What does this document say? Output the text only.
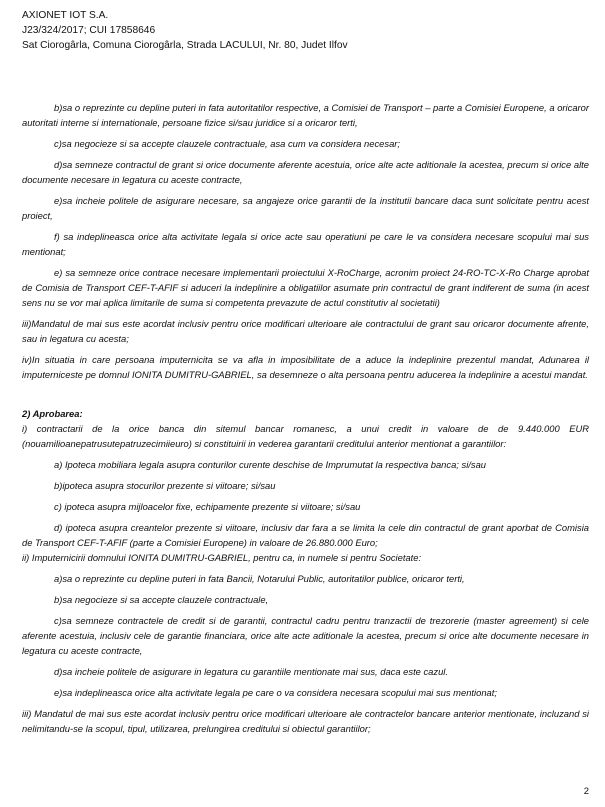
AXIONET IOT S.A.
J23/324/2017; CUI 17858646
Sat Ciorogârla, Comuna Ciorogârla, Strada LACULUI, Nr. 80, Judet Ilfov

b)sa o reprezinte cu depline puteri in fata autoritatilor respective, a Comisiei de Transport – parte a Comisiei Europene, a oricaror autoritati interne si internationale, persoane fizice si/sau juridice si a oricaror terti,

c)sa negocieze si sa accepte clauzele contractuale, asa cum va considera necesar;

d)sa semneze contractul de grant si orice documente aferente acestuia, orice alte acte aditionale la acestea, precum si orice alte documente necesare in legatura cu aceste contracte,

e)sa incheie politele de asigurare necesare, sa angajeze orice garantii de la institutii bancare daca sunt solicitate pentru acest proiect,

f) sa indeplineasca orice alta activitate legala si orice acte sau operatiuni pe care le va considera necesare scopului mai sus mentionat;

e) sa semneze orice contrace necesare implementarii proiectului X-RoCharge, acronim proiect 24-RO-TC-X-Ro Charge aprobat de Comisia de Transport CEF-T-AFIF si aduceri la indeplinire a obligatiilor asumate prin contractul de grant indiferent de suma (in acest sens nu se vor mai aplica limitarile de suma si competenta prevazute de actul constitutiv al societatii)

iii)Mandatul de mai sus este acordat inclusiv pentru orice modificari ulterioare ale contractului de grant sau oricaror documente afrente, sau in legatura cu acesta;

iv)In situatia in care persoana imputernicita se va afla in imposibilitate de a aduce la indeplinire prezentul mandat, Adunarea il imputerniceste pe domnul IONITA DUMITRU-GABRIEL, sa desemneze o alta persoana pentru aducerea la indeplinire a acestui mandat.

2) Aprobarea:

i) contractarii de la orice banca din sitemul bancar romanesc, a unui credit in valoare de de 9.440.000 EUR (nouamilioanepatrusutepatruzecimiieuro) si constituirii in vederea garantarii creditului anterior mentionat a garantiilor:

a) Ipoteca mobiliara legala asupra conturilor curente deschise de Imprumutat la respectiva banca; si/sau

b)ipoteca asupra stocurilor prezente si viitoare; si/sau

c) ipoteca asupra mijloacelor fixe, echipamente prezente si viitoare; si/sau

d) ipoteca asupra creantelor prezente si viitoare, inclusiv dar fara a se limita la cele din contractul de grant aporbat de Comisia de Transport CEF-T-AFIF (parte a Comisiei Europene) in valoare de 26.880.000 Euro;

ii) Imputernicirii domnului IONITA DUMITRU-GABRIEL, pentru ca, in numele si pentru Societate:

a)sa o reprezinte cu depline puteri in fata Bancii, Notarului Public, autoritatilor publice, oricaror terti,

b)sa negocieze si sa accepte clauzele contractuale,

c)sa semneze contractele de credit si de garantii, contractul cadru pentru tranzactii de trezorerie (master agreement) si cele aferente acestuia, inclusiv cele de garantie financiara, orice alte acte aditionale la acestea, precum si orice alte documente necesare in legatura cu aceste contracte,

d)sa incheie politele de asigurare in legatura cu garantiile mentionate mai sus, daca este cazul.

e)sa indeplineasca orice alta activitate legala pe care o va considera necesara scopului mai sus mentionat;

iii) Mandatul de mai sus este acordat inclusiv pentru orice modificari ulterioare ale contractelor bancare anterior mentionate, incluzand si nelimitandu-se la scopul, tipul, utilizarea, prelungirea creditului si obiectul garantiilor;

2
